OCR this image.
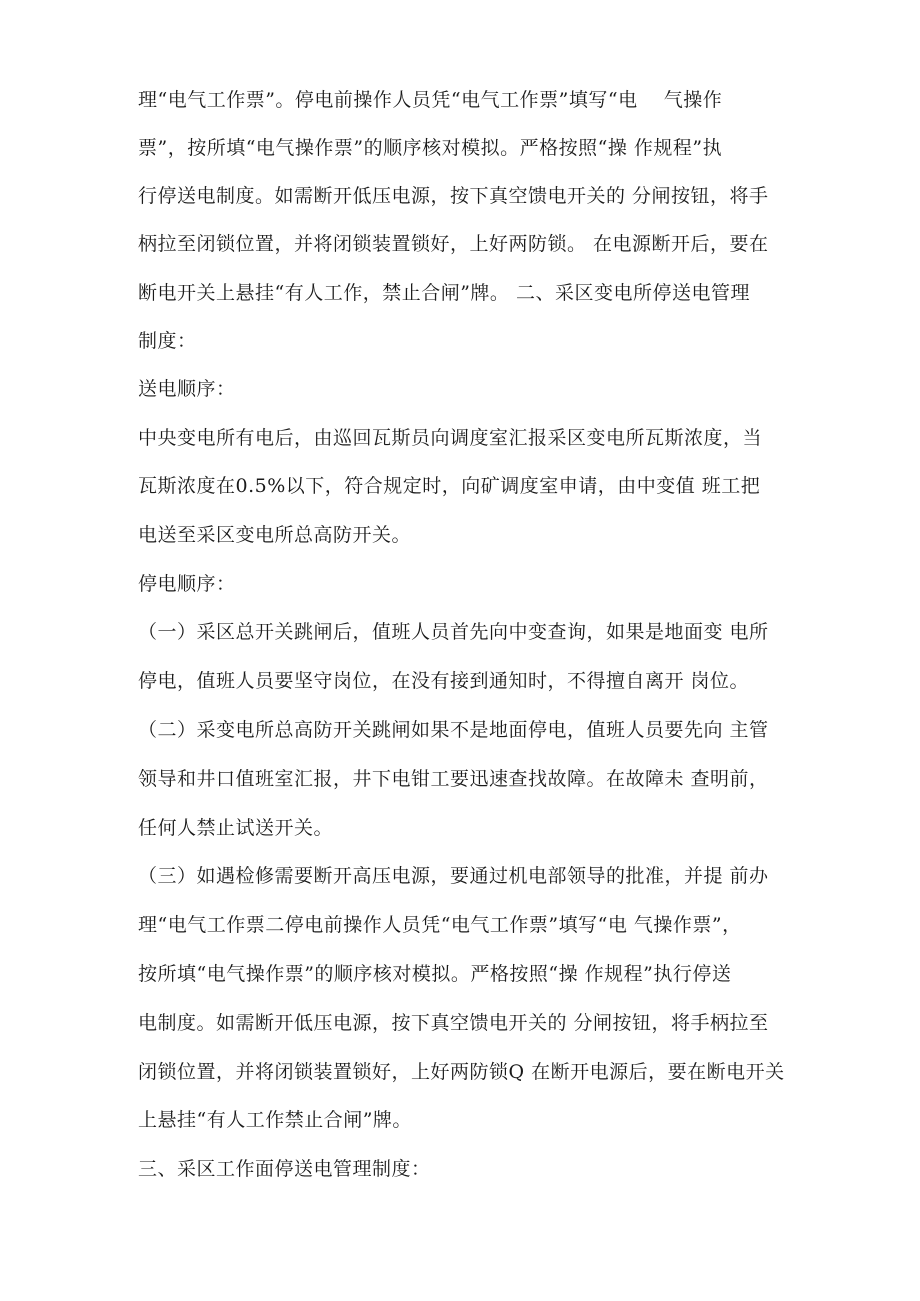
理“电气工作票”。停电前操作人员凭“电气工作票”填写“电    气操作

票”，按所填“电气操作票”的顺序核对模拟。严格按照“操 作规程”执

行停送电制度。如需断开低压电源，按下真空馈电开关的 分闸按钮，将手

柄拉至闭锁位置，并将闭锁装置锁好，上好两防锁。 在电源断开后，要在

断电开关上悬挂“有人工作，禁止合闸”牌。 二、采区变电所停送电管理

制度：

送电顺序：

中央变电所有电后，由巡回瓦斯员向调度室汇报采区变电所瓦斯浓度，当

瓦斯浓度在0.5%以下，符合规定时，向矿调度室申请，由中变值 班工把

电送至采区变电所总高防开关。

停电顺序：

（一）采区总开关跳闸后，值班人员首先向中变查询，如果是地面变 电所

停电，值班人员要坚守岗位，在没有接到通知时，不得擅自离开 岗位。

（二）采变电所总高防开关跳闸如果不是地面停电，值班人员要先向 主管

领导和井口值班室汇报，井下电钳工要迅速查找故障。在故障未 查明前，

任何人禁止试送开关。

（三）如遇检修需要断开高压电源，要通过机电部领导的批准，并提 前办

理“电气工作票二停电前操作人员凭“电气工作票”填写“电 气操作票”，

按所填“电气操作票”的顺序核对模拟。严格按照“操 作规程”执行停送

电制度。如需断开低压电源，按下真空馈电开关的 分闸按钮，将手柄拉至

闭锁位置，并将闭锁装置锁好，上好两防锁Q 在断开电源后，要在断电开关

上悬挂“有人工作禁止合闸”牌。

三、采区工作面停送电管理制度：
